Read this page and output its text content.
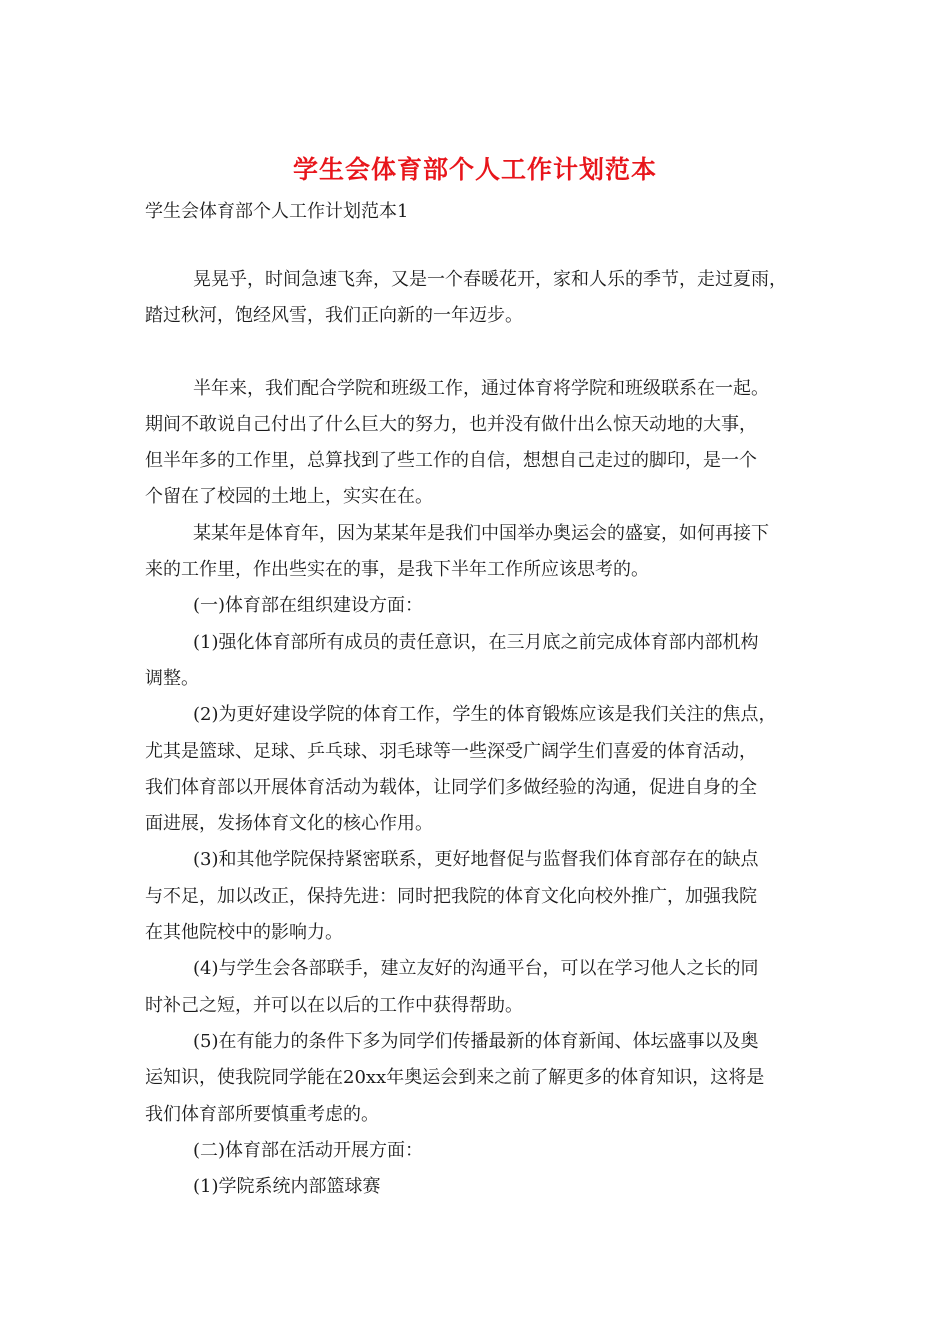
学生会体育部个人工作计划范本

学生会体育部个人工作计划范本1

晃晃乎，时间急速飞奔，又是一个春暖花开，家和人乐的季节，走过夏雨，
踏过秋河，饱经风雪，我们正向新的一年迈步。

半年来，我们配合学院和班级工作，通过体育将学院和班级联系在一起。
期间不敢说自己付出了什么巨大的努力，也并没有做什出么惊天动地的大事，
但半年多的工作里，总算找到了些工作的自信，想想自己走过的脚印，是一个
个留在了校园的土地上，实实在在。

某某年是体育年，因为某某年是我们中国举办奥运会的盛宴，如何再接下
来的工作里，作出些实在的事，是我下半年工作所应该思考的。

(一)体育部在组织建设方面：

(1)强化体育部所有成员的责任意识，在三月底之前完成体育部内部机构
调整。

(2)为更好建设学院的体育工作，学生的体育锻炼应该是我们关注的焦点，
尤其是篮球、足球、乒乓球、羽毛球等一些深受广阔学生们喜爱的体育活动，
我们体育部以开展体育活动为载体，让同学们多做经验的沟通，促进自身的全
面进展，发扬体育文化的核心作用。

(3)和其他学院保持紧密联系，更好地督促与监督我们体育部存在的缺点
与不足，加以改正，保持先进：同时把我院的体育文化向校外推广，加强我院
在其他院校中的影响力。

(4)与学生会各部联手，建立友好的沟通平台，可以在学习他人之长的同
时补己之短，并可以在以后的工作中获得帮助。

(5)在有能力的条件下多为同学们传播最新的体育新闻、体坛盛事以及奥
运知识，使我院同学能在20xx年奥运会到来之前了解更多的体育知识，这将是
我们体育部所要慎重考虑的。

(二)体育部在活动开展方面：

(1)学院系统内部篮球赛
